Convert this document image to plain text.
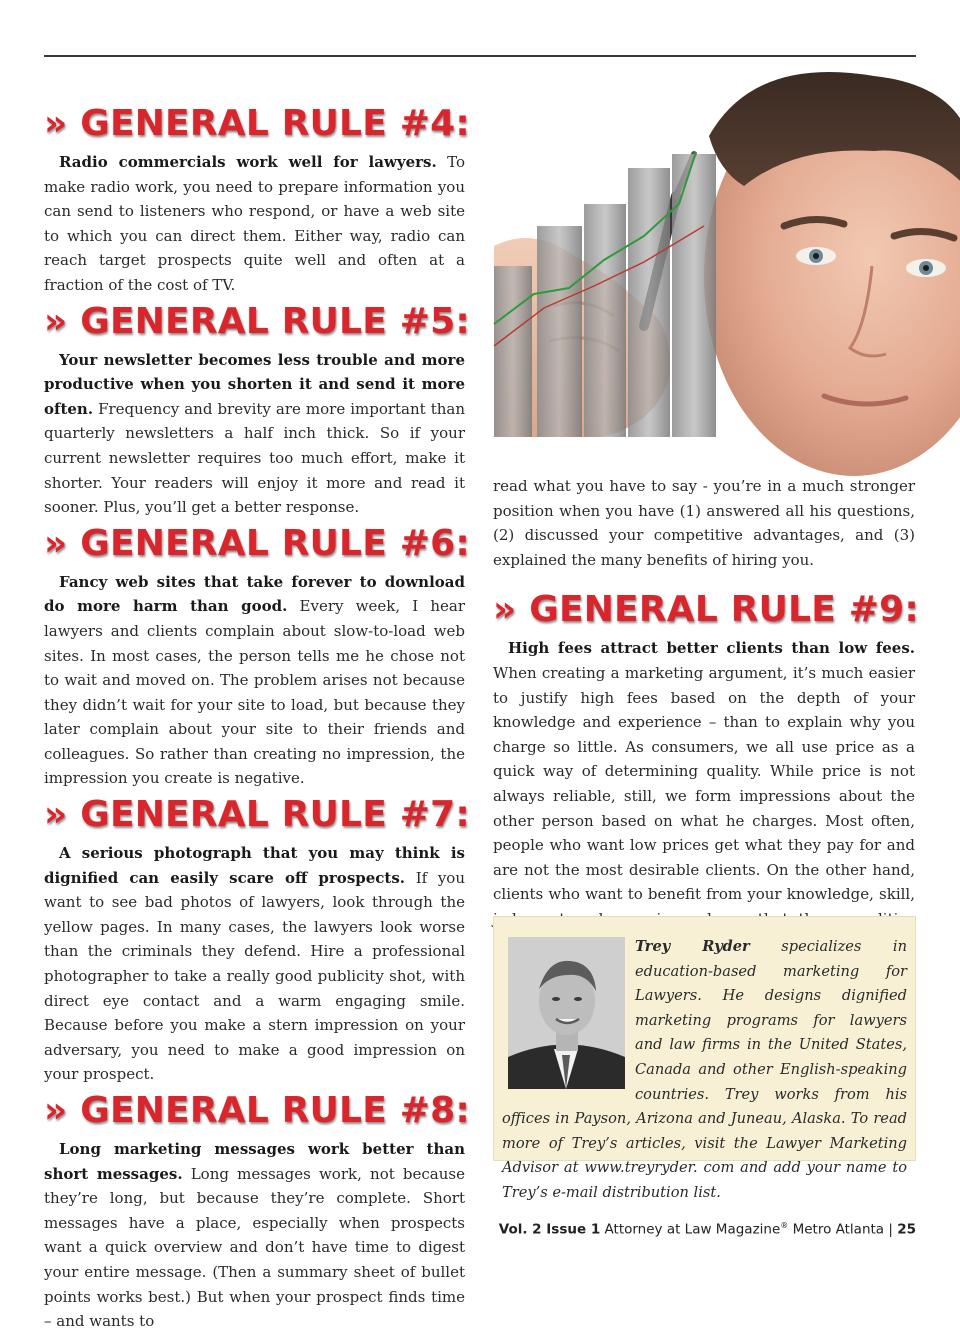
» GENERAL RULE #4:

Radio commercials work well for lawyers. To make radio work, you need to prepare information you can send to listeners who respond, or have a web site to which you can direct them. Either way, radio can reach target prospects quite well and often at a fraction of the cost of TV.

» GENERAL RULE #5:

Your newsletter becomes less trouble and more productive when you shorten it and send it more often. Frequency and brevity are more important than quarterly newsletters a half inch thick. So if your current newsletter requires too much effort, make it shorter. Your readers will enjoy it more and read it sooner. Plus, you’ll get a better response.

» GENERAL RULE #6:

Fancy web sites that take forever to download do more harm than good. Every week, I hear lawyers and clients complain about slow-to-load web sites. In most cases, the person tells me he chose not to wait and moved on. The problem arises not because they didn’t wait for your site to load, but because they later complain about your site to their friends and colleagues. So rather than creating no impression, the impression you create is negative.

» GENERAL RULE #7:

A serious photograph that you may think is dignified can easily scare off prospects. If you want to see bad photos of lawyers, look through the yellow pages. In many cases, the lawyers look worse than the criminals they defend. Hire a professional photographer to take a really good publicity shot, with direct eye contact and a warm engaging smile. Because before you make a stern impression on your adversary, you need to make a good impression on your prospect.

» GENERAL RULE #8:

Long marketing messages work better than short messages. Long messages work, not because they’re long, but because they’re complete. Short messages have a place, especially when prospects want a quick overview and don’t have time to digest your entire message. (Then a summary sheet of bullet points works best.) But when your prospect finds time – and wants to

read what you have to say - you’re in a much stronger position when you have (1) answered all his questions, (2) discussed your competitive advantages, and (3) explained the many benefits of hiring you.

» GENERAL RULE #9:

High fees attract better clients than low fees. When creating a marketing argument, it’s much easier to justify high fees based on the depth of your knowledge and experience – than to explain why you charge so little. As consumers, we all use price as a quick way of determining quality. While price is not always reliable, still, we form impressions about the other person based on what he charges. Most often, people who want low prices get what they pay for and are not the most desirable clients. On the other hand, clients who want to benefit from your knowledge, skill,

Trey Ryder specializes in education-based marketing for Lawyers. He designs dignified marketing programs for lawyers and law firms in the United States, Canada and other English-speaking countries. Trey works from his offices in Payson, Arizona and Juneau, Alaska. To read more of Trey’s articles, visit the Lawyer Marketing Advisor at www.treyryder. com and add your name to Trey’s e-mail distribution list.

Vol. 2 Issue 1 Attorney at Law Magazine® Metro Atlanta | 25
